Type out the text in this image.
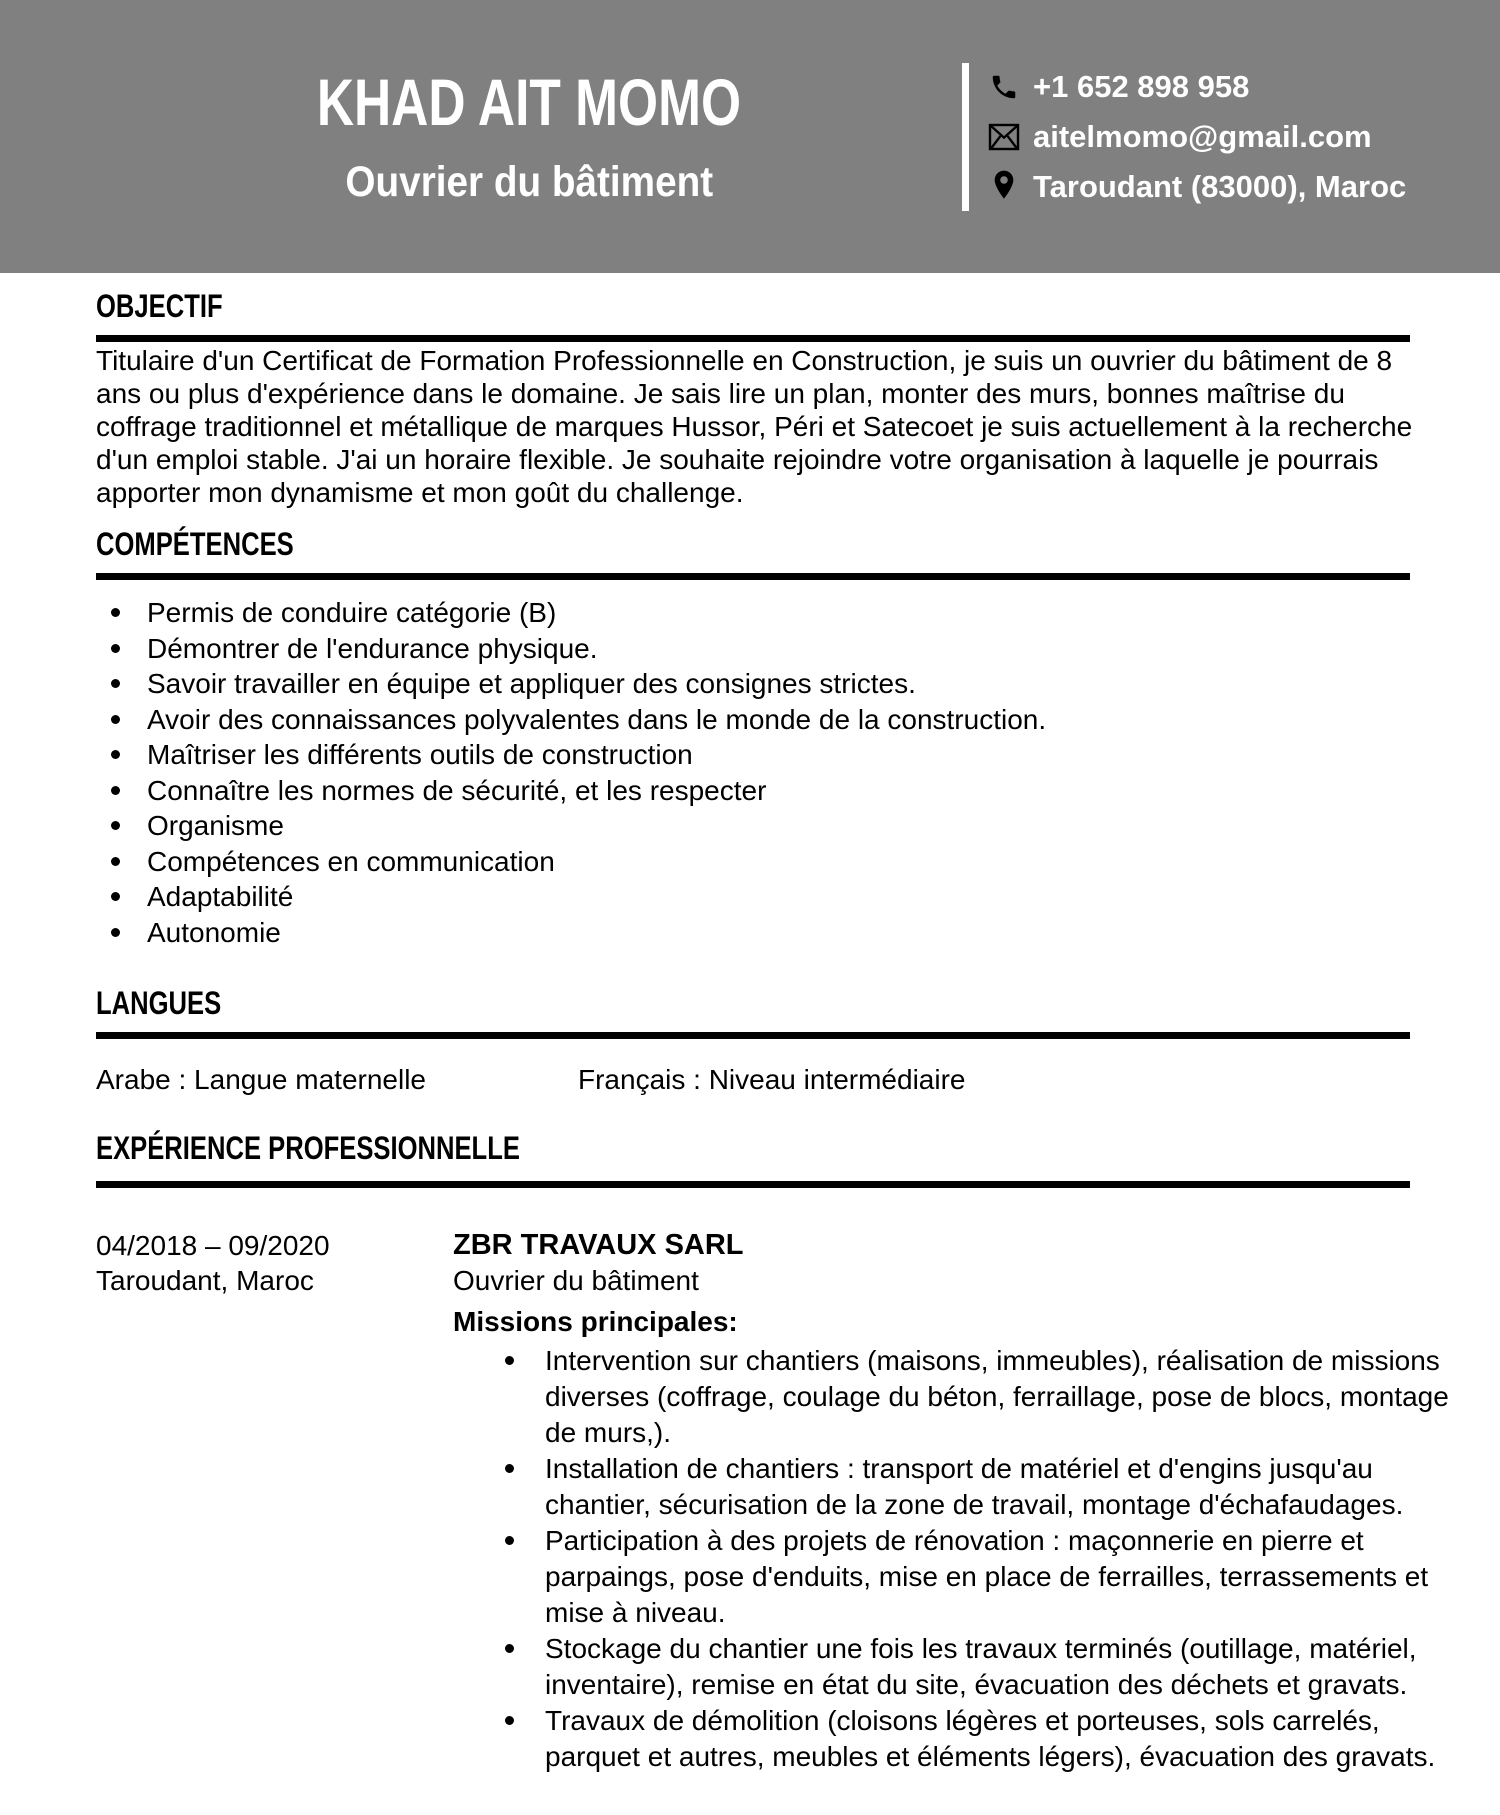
KHAD AIT MOMO
Ouvrier du bâtiment
+1 652 898 958
aitelmomo@gmail.com
Taroudant (83000), Maroc
OBJECTIF

Titulaire d'un Certificat de Formation Professionnelle en Construction, je suis un ouvrier du bâtiment de 8 ans ou plus d'expérience dans le domaine. Je sais lire un plan, monter des murs, bonnes maîtrise du coffrage traditionnel et métallique de marques Hussor, Péri et Satecoet je suis actuellement à la recherche d'un emploi stable. J'ai un horaire flexible. Je souhaite rejoindre votre organisation à laquelle je pourrais apporter mon dynamisme et mon goût du challenge.

COMPÉTENCES
Permis de conduire catégorie (B)
Démontrer de l'endurance physique.
Savoir travailler en équipe et appliquer des consignes strictes.
Avoir des connaissances polyvalentes dans le monde de la construction.
Maîtriser les différents outils de construction
Connaître les normes de sécurité, et les respecter
Organisme
Compétences en communication
Adaptabilité
Autonomie
LANGUES
Arabe : Langue maternelle	Français : Niveau intermédiaire
EXPÉRIENCE PROFESSIONNELLE
04/2018 – 09/2020
Taroudant, Maroc
ZBR TRAVAUX SARL
Ouvrier du bâtiment
Missions principales:
Intervention sur chantiers (maisons, immeubles), réalisation de missions diverses (coffrage, coulage du béton, ferraillage, pose de blocs, montage de murs,).
Installation de chantiers : transport de matériel et d'engins jusqu'au chantier, sécurisation de la zone de travail, montage d'échafaudages.
Participation à des projets de rénovation : maçonnerie en pierre et parpaings, pose d'enduits, mise en place de ferrailles, terrassements et mise à niveau.
Stockage du chantier une fois les travaux terminés (outillage, matériel, inventaire), remise en état du site, évacuation des déchets et gravats.
Travaux de démolition (cloisons légères et porteuses, sols carrelés, parquet et autres, meubles et éléments légers), évacuation des gravats.
